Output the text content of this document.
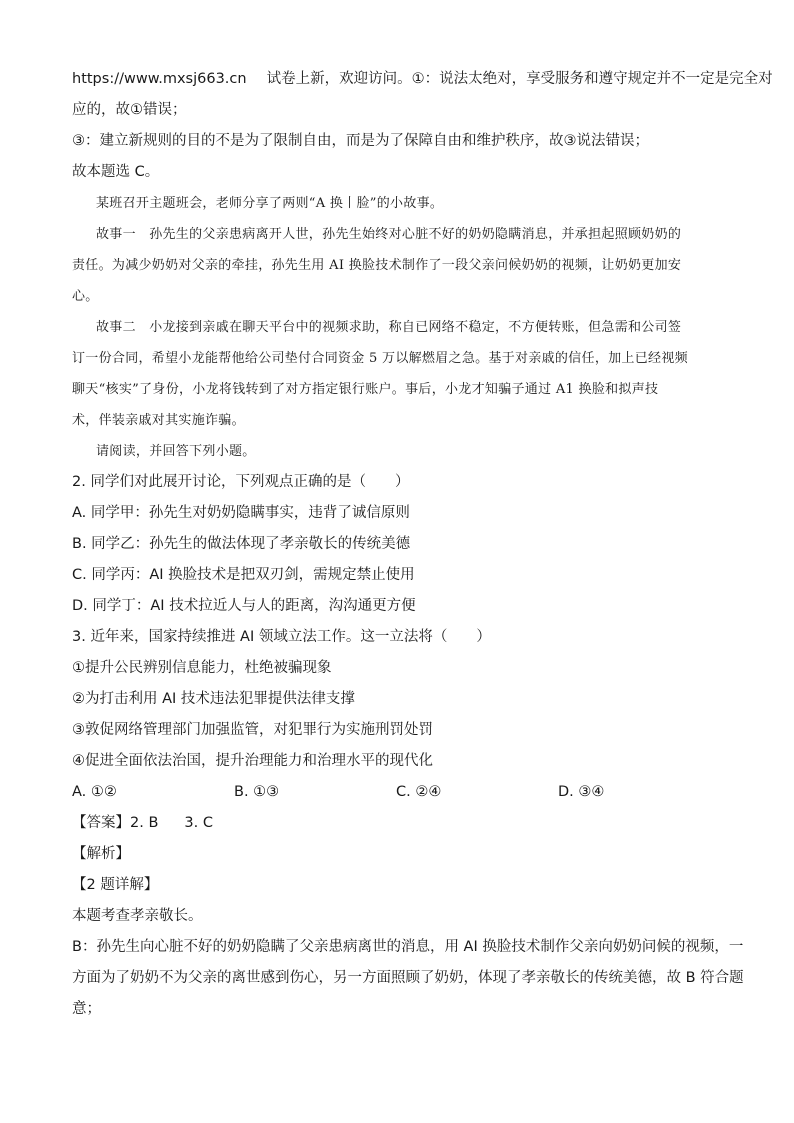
https://www.mxsj663.cn 试卷上新，欢迎访问。①：说法太绝对，享受服务和遵守规定并不一定是完全对
应的，故①错误；
③：建立新规则的目的不是为了限制自由，而是为了保障自由和维护秩序，故③说法错误；
故本题选 C。
某班召开主题班会，老师分享了两则“A 换丨脸”的小故事。
故事一　孙先生的父亲患病离开人世，孙先生始终对心脏不好的奶奶隐瞒消息，并承担起照顾奶奶的
责任。为减少奶奶对父亲的牵挂，孙先生用 AI 换脸技术制作了一段父亲问候奶奶的视频，让奶奶更加安
心。
故事二　小龙接到亲戚在聊天平台中的视频求助，称自已网络不稳定，不方便转账，但急需和公司签
订一份合同，希望小龙能帮他给公司垫付合同资金 5 万以解燃眉之急。基于对亲戚的信任，加上已经视频
聊天“核实”了身份，小龙将钱转到了对方指定银行账户。事后，小龙才知骗子通过 A1 换脸和拟声技
术，伴装亲戚对其实施诈骗。
请阅读，并回答下列小题。
2. 同学们对此展开讨论，下列观点正确的是（　　）
A. 同学甲：孙先生对奶奶隐瞒事实，违背了诚信原则
B. 同学乙：孙先生的做法体现了孝亲敬长的传统美德
C. 同学丙：AI 换脸技术是把双刃剑，需规定禁止使用
D. 同学丁：AI 技术拉近人与人的距离，沟沟通更方便
3. 近年来，国家持续推进 AI 领域立法工作。这一立法将（　　）
①提升公民辨别信息能力，杜绝被骗现象
②为打击利用 AI 技术违法犯罪提供法律支撑
③敦促网络管理部门加强监管，对犯罪行为实施刑罚处罚
④促进全面依法治国，提升治理能力和治理水平的现代化
A. ①②	B. ①③	C. ②④	D. ③④
【答案】2. B 3. C
【解析】
【2 题详解】
本题考查孝亲敬长。
B：孙先生向心脏不好的奶奶隐瞒了父亲患病离世的消息，用 AI 换脸技术制作父亲向奶奶问候的视频，一
方面为了奶奶不为父亲的离世感到伤心，另一方面照顾了奶奶，体现了孝亲敬长的传统美德，故 B 符合题
意；
